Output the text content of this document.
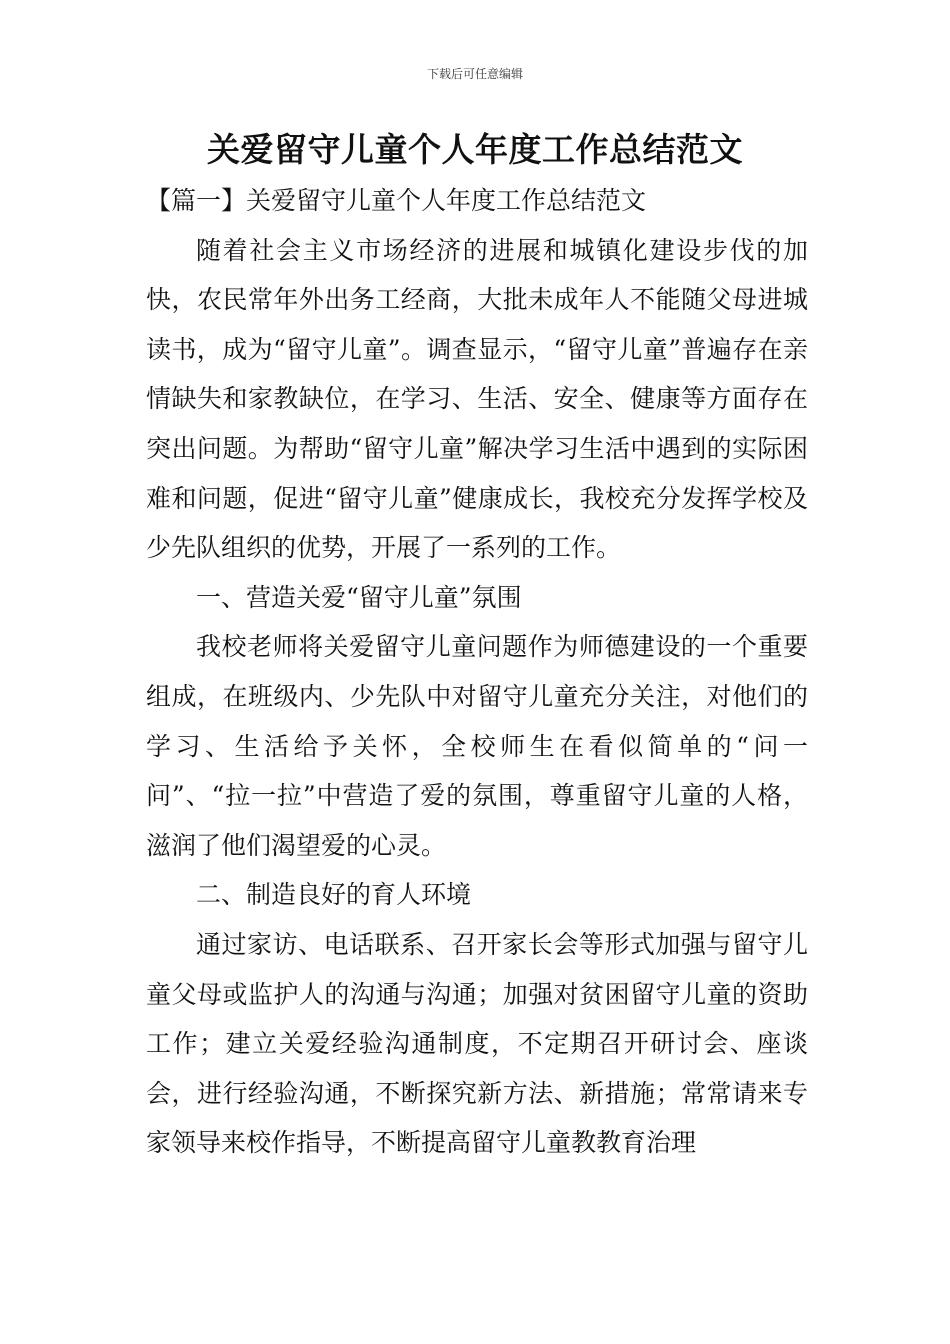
下载后可任意编辑
关爱留守儿童个人年度工作总结范文

【篇一】关爱留守儿童个人年度工作总结范文

随着社会主义市场经济的进展和城镇化建设步伐的加快，农民常年外出务工经商，大批未成年人不能随父母进城读书，成为“留守儿童”。调查显示，“留守儿童”普遍存在亲情缺失和家教缺位，在学习、生活、安全、健康等方面存在突出问题。为帮助“留守儿童”解决学习生活中遇到的实际困难和问题，促进“留守儿童”健康成长，我校充分发挥学校及少先队组织的优势，开展了一系列的工作。

一、营造关爱“留守儿童”氛围

我校老师将关爱留守儿童问题作为师德建设的一个重要组成，在班级内、少先队中对留守儿童充分关注，对他们的学习、生活给予关怀，全校师生在看似简单的“问一问”、“拉一拉”中营造了爱的氛围，尊重留守儿童的人格，滋润了他们渴望爱的心灵。

二、制造良好的育人环境

通过家访、电话联系、召开家长会等形式加强与留守儿童父母或监护人的沟通与沟通；加强对贫困留守儿童的资助工作；建立关爱经验沟通制度，不定期召开研讨会、座谈会，进行经验沟通，不断探究新方法、新措施；常常请来专家领导来校作指导，不断提高留守儿童教教育治理
